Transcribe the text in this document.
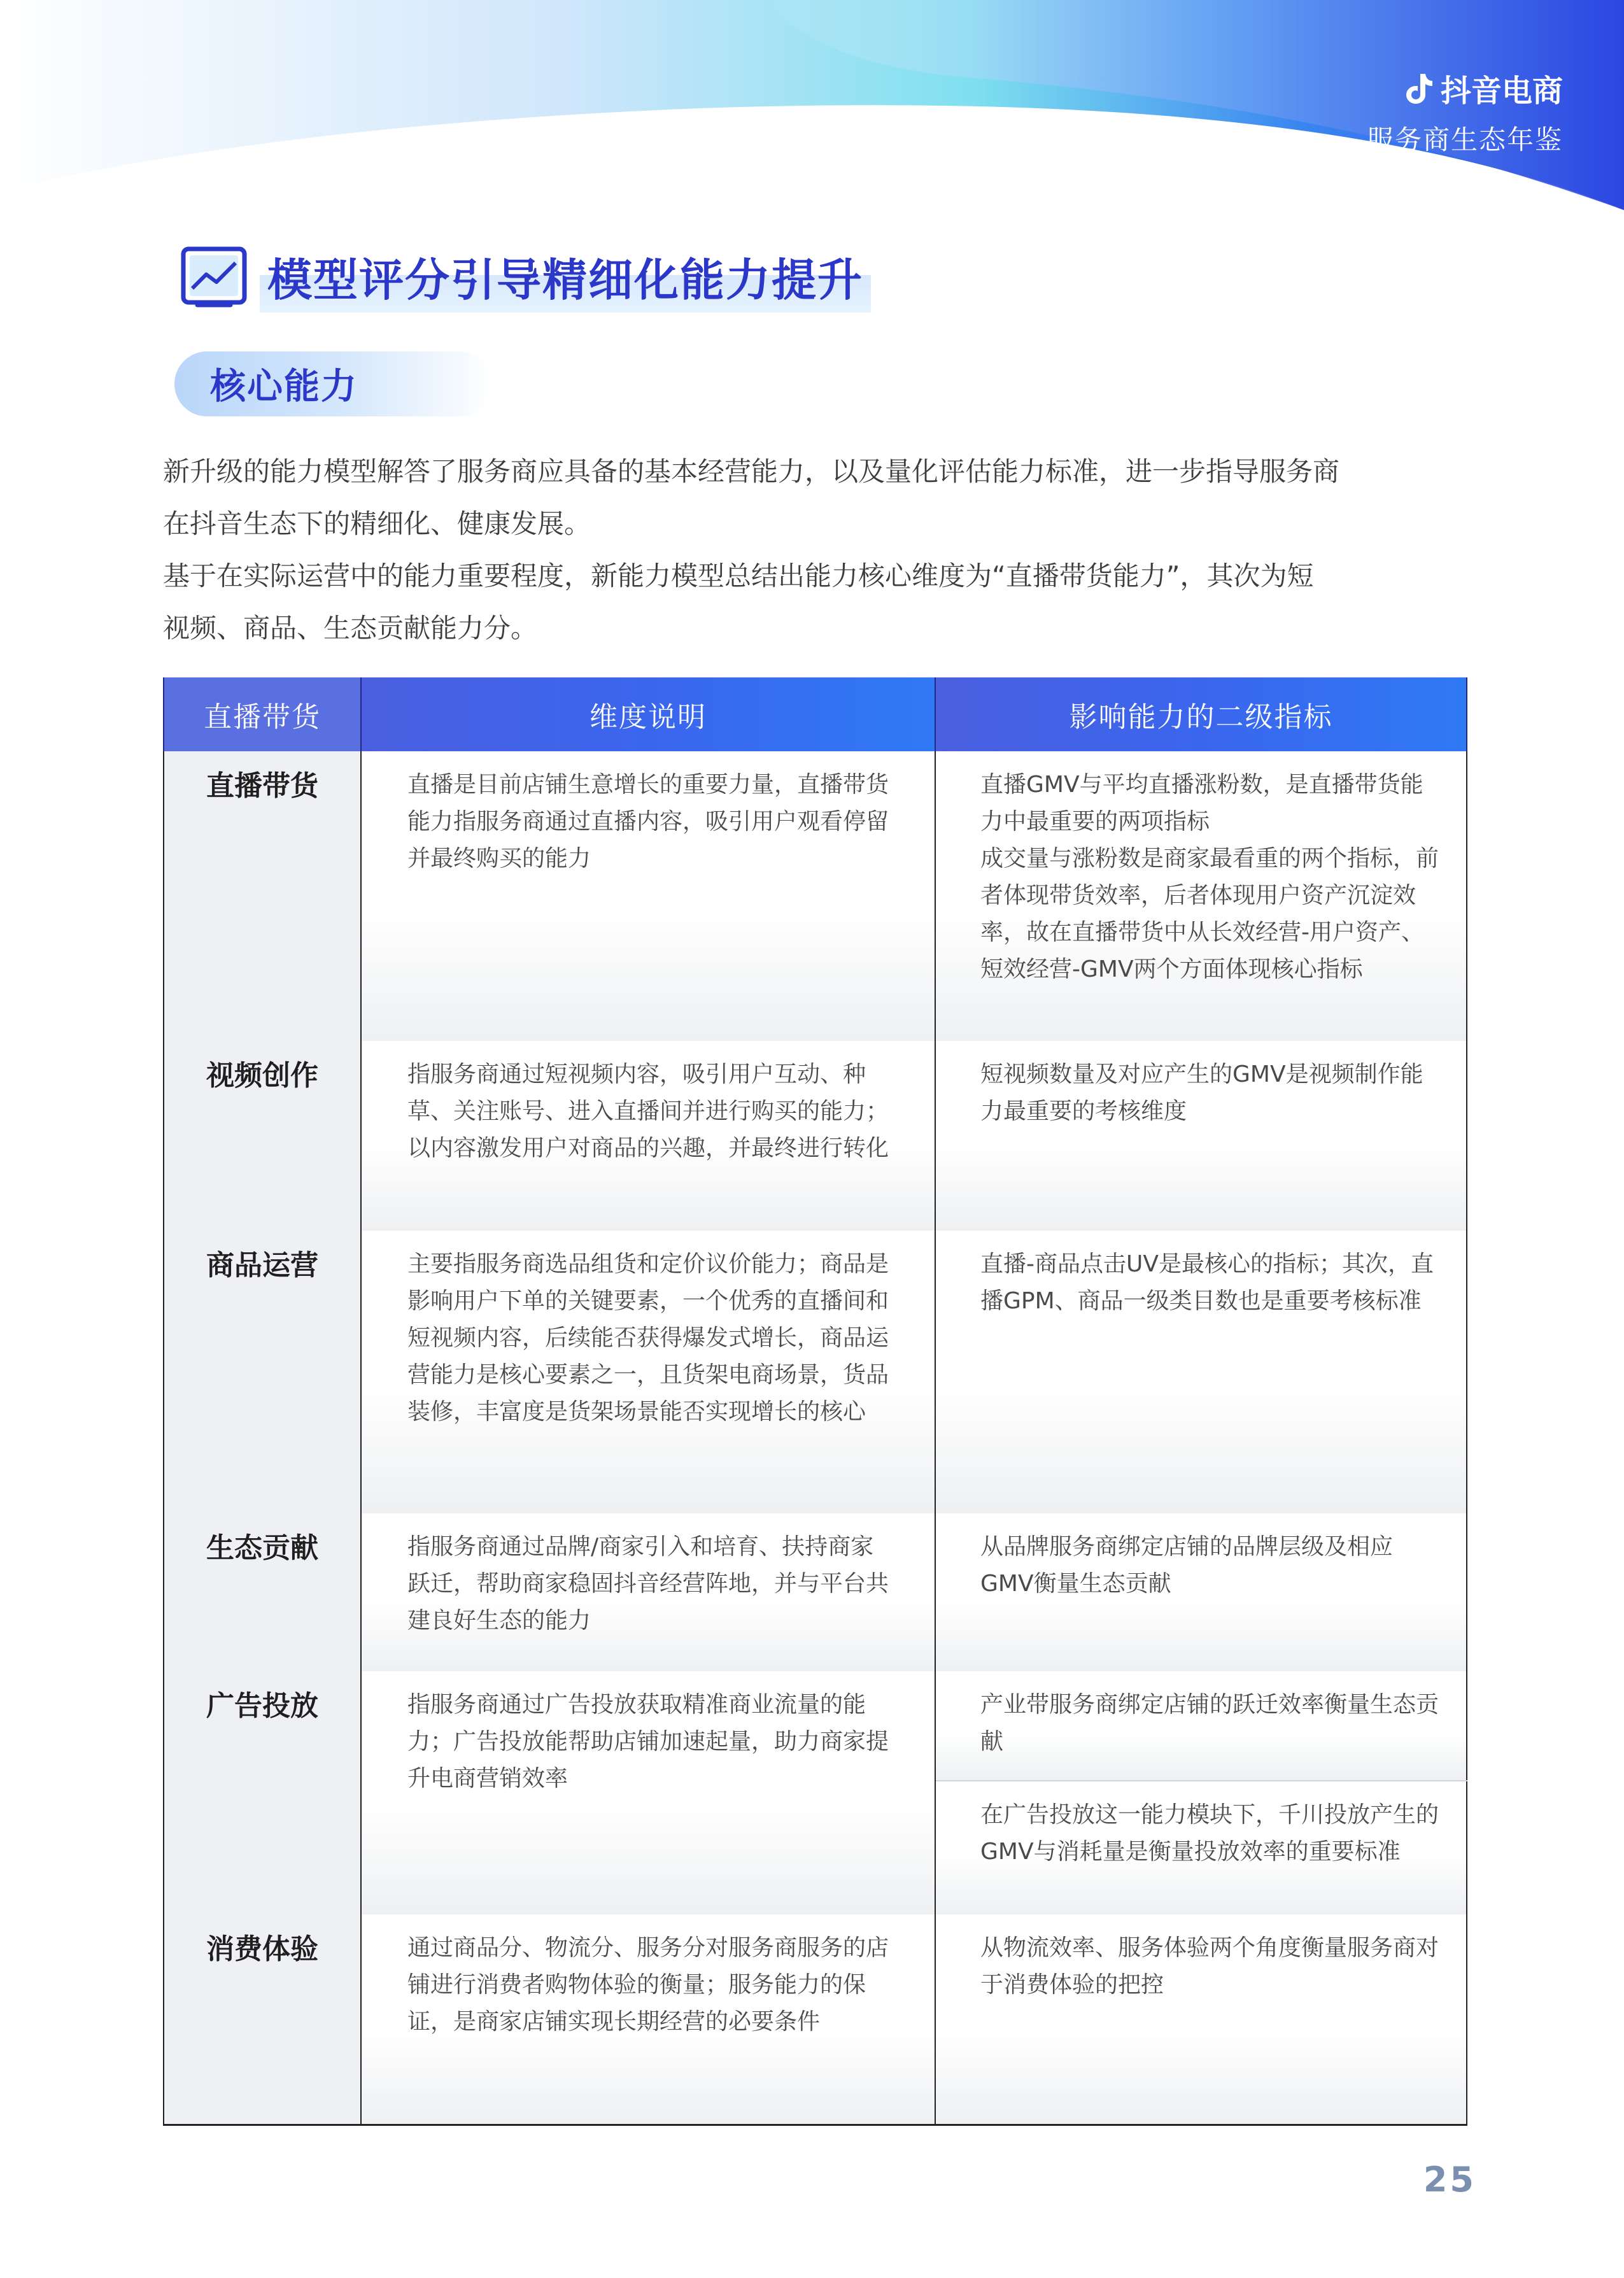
抖音电商
服务商生态年鉴
模型评分引导精细化能力提升
核心能力

新升级的能力模型解答了服务商应具备的基本经营能力，以及量化评估能力标准，进一步指导服务商

在抖音生态下的精细化、健康发展。

基于在实际运营中的能力重要程度，新能力模型总结出能力核心维度为“直播带货能力”，其次为短

视频、商品、生态贡献能力分。

直播带货	维度说明	影响能力的二级指标
直播带货	直播是目前店铺生意增长的重要力量，直播带货能力指服务商通过直播内容，吸引用户观看停留并最终购买的能力	直播GMV与平均直播涨粉数，是直播带货能力中最重要的两项指标
成交量与涨粉数是商家最看重的两个指标，前者体现带货效率，后者体现用户资产沉淀效率，故在直播带货中从长效经营-用户资产、短效经营-GMV两个方面体现核心指标
视频创作	指服务商通过短视频内容，吸引用户互动、种草、关注账号、进入直播间并进行购买的能力；以内容激发用户对商品的兴趣，并最终进行转化	短视频数量及对应产生的GMV是视频制作能力最重要的考核维度
商品运营	主要指服务商选品组货和定价议价能力；商品是影响用户下单的关键要素，一个优秀的直播间和短视频内容，后续能否获得爆发式增长，商品运营能力是核心要素之一，且货架电商场景，货品装修，丰富度是货架场景能否实现增长的核心	直播-商品点击UV是最核心的指标；其次，直播GPM、商品一级类目数也是重要考核标准
生态贡献	指服务商通过品牌/商家引入和培育、扶持商家跃迁，帮助商家稳固抖音经营阵地，并与平台共建良好生态的能力	从品牌服务商绑定店铺的品牌层级及相应GMV衡量生态贡献
广告投放	指服务商通过广告投放获取精准商业流量的能力；广告投放能帮助店铺加速起量，助力商家提升电商营销效率	产业带服务商绑定店铺的跃迁效率衡量生态贡献
		在广告投放这一能力模块下，千川投放产生的GMV与消耗量是衡量投放效率的重要标准
消费体验	通过商品分、物流分、服务分对服务商服务的店铺进行消费者购物体验的衡量；服务能力的保证，是商家店铺实现长期经营的必要条件	从物流效率、服务体验两个角度衡量服务商对于消费体验的把控
25
